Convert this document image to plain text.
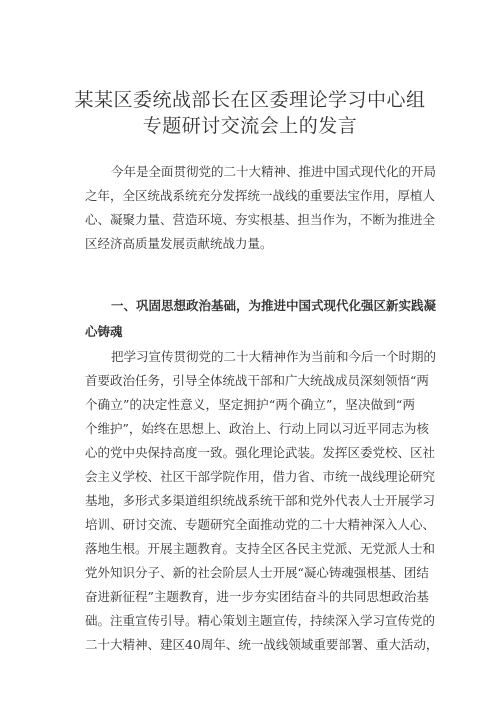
某某区委统战部长在区委理论学习中心组
专题研讨交流会上的发言
今年是全面贯彻党的二十大精神、推进中国式现代化的开局
之年，全区统战系统充分发挥统一战线的重要法宝作用，厚植人
心、凝聚力量、营造环境、夯实根基、担当作为，不断为推进全
区经济高质量发展贡献统战力量。
一、巩固思想政治基础，为推进中国式现代化强区新实践凝
心铸魂
把学习宣传贯彻党的二十大精神作为当前和今后一个时期的
首要政治任务，引导全体统战干部和广大统战成员深刻领悟“两
个确立”的决定性意义，坚定拥护“两个确立”，坚决做到“两
个维护”，始终在思想上、政治上、行动上同以习近平同志为核
心的党中央保持高度一致。强化理论武装。发挥区委党校、区社
会主义学校、社区干部学院作用，借力省、市统一战线理论研究
基地，多形式多渠道组织统战系统干部和党外代表人士开展学习
培训、研讨交流、专题研究全面推动党的二十大精神深入人心、
落地生根。开展主题教育。支持全区各民主党派、无党派人士和
党外知识分子、新的社会阶层人士开展“凝心铸魂强根基、团结
奋进新征程”主题教育，进一步夯实团结奋斗的共同思想政治基
础。注重宣传引导。精心策划主题宣传，持续深入学习宣传党的
二十大精神、建区40周年、统一战线领域重要部署、重大活动，
